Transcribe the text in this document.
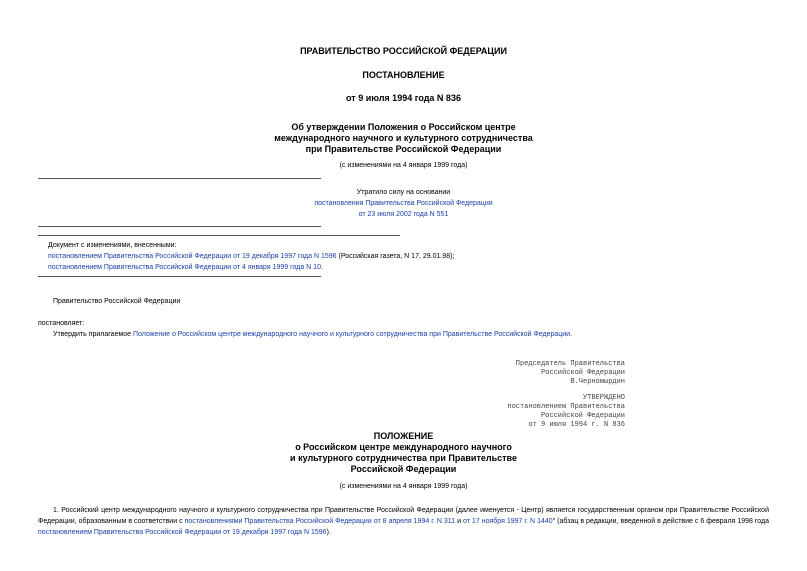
ПРАВИТЕЛЬСТВО РОССИЙСКОЙ ФЕДЕРАЦИИ
ПОСТАНОВЛЕНИЕ
от 9 июля 1994 года N 836
Об утверждении Положения о Российском центре
международного научного и культурного сотрудничества
при Правительстве Российской Федерации
(с изменениями на 4 января 1999 года)
Утратило силу на основании
постановления Правительства Российской Федерации
от 23 июля 2002 года N 551
Документ с изменениями, внесенными:
постановлением Правительства Российской Федерации от 19 декабря 1997 года N 1596 (Российская газета, N 17, 29.01.98);
постановлением Правительства Российской Федерации от 4 января 1999 года N 10.
Правительство Российской Федерации
постановляет:
Утвердить прилагаемое Положение о Российском центре международного научного и культурного сотрудничества при Правительстве Российской Федерации.
Председатель Правительства
Российской Федерации
В.Черномырдин
УТВЕРЖДЕНО
постановлением Правительства
Российской Федерации
от 9 июля 1994 г. N 836
ПОЛОЖЕНИЕ
о Российском центре международного научного
и культурного сотрудничества при Правительстве
Российской Федерации
(с изменениями на 4 января 1999 года)
1. Российский центр международного научного и культурного сотрудничества при Правительстве Российской Федерации (далее именуется - Центр) является государственным органом при Правительстве Российской Федерации, образованным в соответствии с постановлениями Правительства Российской Федерации от 8 апреля 1994 г. N 311 и от 17 ноября 1997 г. N 1440" (абзац в редакции, введенной в действие с 6 февраля 1998 года постановлением Правительства Российской Федерации от 19 декабря 1997 года N 1596).
